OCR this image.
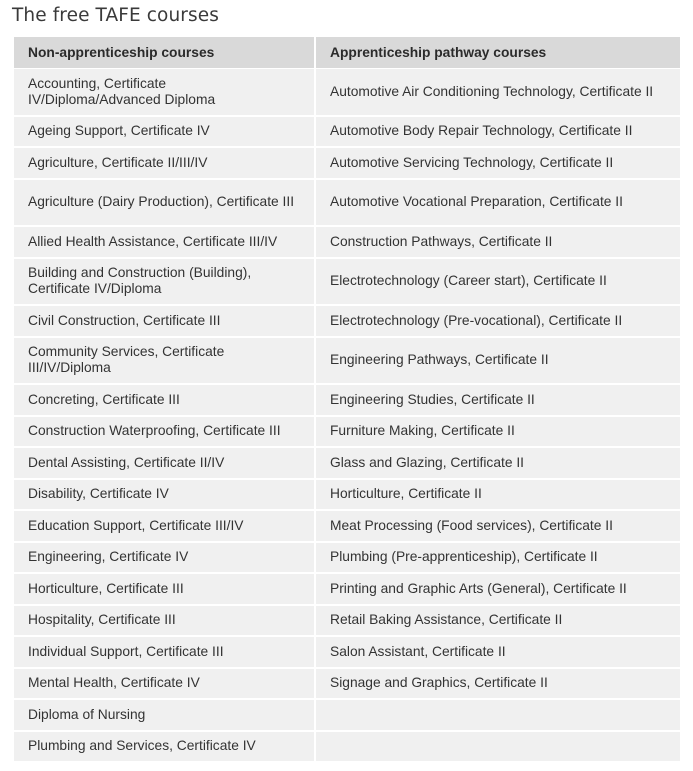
The free TAFE courses
Non-apprenticeship courses	Apprenticeship pathway courses
Accounting, Certificate IV/Diploma/Advanced Diploma	Automotive Air Conditioning Technology, Certificate II
Ageing Support, Certificate IV	Automotive Body Repair Technology, Certificate II
Agriculture, Certificate II/III/IV	Automotive Servicing Technology, Certificate II
Agriculture (Dairy Production), Certificate III	Automotive Vocational Preparation, Certificate II
Allied Health Assistance, Certificate III/IV	Construction Pathways, Certificate II
Building and Construction (Building), Certificate IV/Diploma	Electrotechnology (Career start), Certificate II
Civil Construction, Certificate III	Electrotechnology (Pre-vocational), Certificate II
Community Services, Certificate III/IV/Diploma	Engineering Pathways, Certificate II
Concreting, Certificate III	Engineering Studies, Certificate II
Construction Waterproofing, Certificate III	Furniture Making, Certificate II
Dental Assisting, Certificate II/IV	Glass and Glazing, Certificate II
Disability, Certificate IV	Horticulture, Certificate II
Education Support, Certificate III/IV	Meat Processing (Food services), Certificate II
Engineering, Certificate IV	Plumbing (Pre-apprenticeship), Certificate II
Horticulture, Certificate III	Printing and Graphic Arts (General), Certificate II
Hospitality, Certificate III	Retail Baking Assistance, Certificate II
Individual Support, Certificate III	Salon Assistant, Certificate II
Mental Health, Certificate IV	Signage and Graphics, Certificate II
Diploma of Nursing	
Plumbing and Services, Certificate IV	
